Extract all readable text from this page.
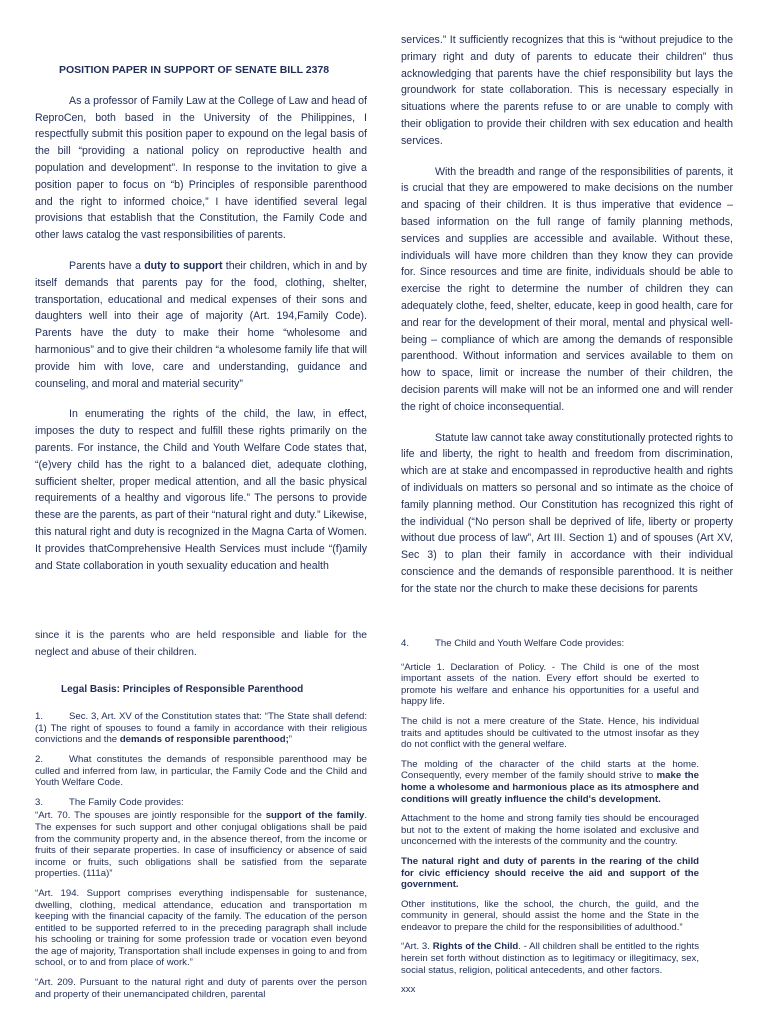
POSITION PAPER IN SUPPORT OF SENATE BILL 2378

As a professor of Family Law at the College of Law and head of ReproCen, both based in the University of the Philippines, I respectfully submit this position paper to expound on the legal basis of the bill “providing a national policy on reproductive health and population and development”. In response to the invitation to give a position paper to focus on “b) Principles of responsible parenthood and the right to informed choice,” I have identified several legal provisions that establish that the Constitution, the Family Code and other laws catalog the vast responsibilities of parents.

Parents have a duty to support their children, which in and by itself demands that parents pay for the food, clothing, shelter, transportation, educational and medical expenses of their sons and daughters well into their age of majority (Art. 194,Family Code). Parents have the duty to make their home “wholesome and harmonious” and to give their children “a wholesome family life that will provide him with love, care and understanding, guidance and counseling, and moral and material security”

In enumerating the rights of the child, the law, in effect, imposes the duty to respect and fulfill these rights primarily on the parents. For instance, the Child and Youth Welfare Code states that, “(e)very child has the right to a balanced diet, adequate clothing, sufficient shelter, proper medical attention, and all the basic physical requirements of a healthy and vigorous life.” The persons to provide these are the parents, as part of their “natural right and duty.” Likewise, this natural right and duty is recognized in the Magna Carta of Women. It provides thatComprehensive Health Services must include “(f)amily and State collaboration in youth sexuality education and health

services.” It sufficiently recognizes that this is “without prejudice to the primary right and duty of parents to educate their children” thus acknowledging that parents have the chief responsibility but lays the groundwork for state collaboration. This is necessary especially in situations where the parents refuse to or are unable to comply with their obligation to provide their children with sex education and health services.

With the breadth and range of the responsibilities of parents, it is crucial that they are empowered to make decisions on the number and spacing of their children. It is thus imperative that evidence –based information on the full range of family planning methods, services and supplies are accessible and available. Without these, individuals will have more children than they know they can provide for. Since resources and time are finite, individuals should be able to exercise the right to determine the number of children they can adequately clothe, feed, shelter, educate, keep in good health, care for and rear for the development of their moral, mental and physical well-being – compliance of which are among the demands of responsible parenthood. Without information and services available to them on how to space, limit or increase the number of their children, the decision parents will make will not be an informed one and will render the right of choice inconsequential.

Statute law cannot take away constitutionally protected rights to life and liberty, the right to health and freedom from discrimination, which are at stake and encompassed in reproductive health and rights of individuals on matters so personal and so intimate as the choice of family planning method. Our Constitution has recognized this right of the individual (“No person shall be deprived of life, liberty or property without due process of law”, Art III. Section 1) and of spouses (Art XV, Sec 3) to plan their family in accordance with their individual conscience and the demands of responsible parenthood. It is neither for the state nor the church to make these decisions for parents

since it is the parents who are held responsible and liable for the neglect and abuse of their children.

Legal Basis: Principles of Responsible Parenthood

1.	Sec. 3, Art. XV of the Constitution states that: “The State shall defend: (1) The right of spouses to found a family in accordance with their religious convictions and the demands of responsible parenthood;”

2.	What constitutes the demands of responsible parenthood may be culled and inferred from law, in particular, the Family Code and the Child and Youth Welfare Code.

3.	The Family Code provides:

“Art. 70. The spouses are jointly responsible for the support of the family. The expenses for such support and other conjugal obligations shall be paid from the community property and, in the absence thereof, from the income or fruits of their separate properties. In case of insufficiency or absence of said income or fruits, such obligations shall be satisfied from the separate properties. (111a)”

“Art. 194. Support comprises everything indispensable for sustenance, dwelling, clothing, medical attendance, education and transportation m keeping with the financial capacity of the family. The education of the person entitled to be supported referred to in the preceding paragraph shall include his schooling or training for some profession trade or vocation even beyond the age of majority, Transportation shall include expenses in going to and from school, or to and from place of work.”

“Art. 209. Pursuant to the natural right and duty of parents over the person and property of their unemancipated children, parental

4.	The Child and Youth Welfare Code provides:

“Article 1. Declaration of Policy. - The Child is one of the most important assets of the nation. Every effort should be exerted to promote his welfare and enhance his opportunities for a useful and happy life.

The child is not a mere creature of the State. Hence, his individual traits and aptitudes should be cultivated to the utmost insofar as they do not conflict with the general welfare.

The molding of the character of the child starts at the home. Consequently, every member of the family should strive to make the home a wholesome and harmonious place as its atmosphere and conditions will greatly influence the child's development.

Attachment to the home and strong family ties should be encouraged but not to the extent of making the home isolated and exclusive and unconcerned with the interests of the community and the country.

The natural right and duty of parents in the rearing of the child for civic efficiency should receive the aid and support of the government.

Other institutions, like the school, the church, the guild, and the community in general, should assist the home and the State in the endeavor to prepare the child for the responsibilities of adulthood.”

“Art. 3. Rights of the Child. - All children shall be entitled to the rights herein set forth without distinction as to legitimacy or illegitimacy, sex, social status, religion, political antecedents, and other factors.

xxx
